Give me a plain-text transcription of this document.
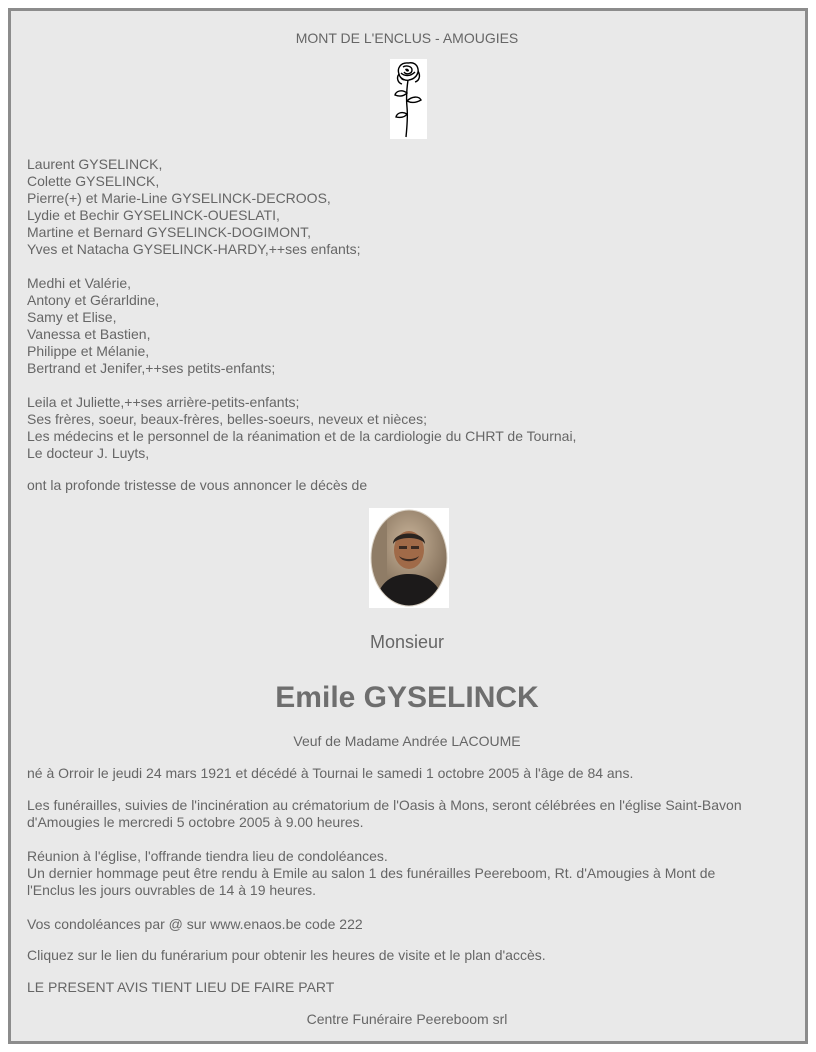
MONT DE L'ENCLUS - AMOUGIES
Laurent GYSELINCK,
Colette GYSELINCK,
Pierre(+) et Marie-Line GYSELINCK-DECROOS,
Lydie et Bechir GYSELINCK-OUESLATI,
Martine et Bernard GYSELINCK-DOGIMONT,
Yves et Natacha GYSELINCK-HARDY,++ses enfants;
Medhi et Valérie,
Antony et Gérarldine,
Samy et Elise,
Vanessa et Bastien,
Philippe et Mélanie,
Bertrand et Jenifer,++ses petits-enfants;
Leila et Juliette,++ses arrière-petits-enfants;
Ses frères, soeur, beaux-frères, belles-soeurs, neveux et nièces;
Les médecins et le personnel de la réanimation et de la cardiologie du CHRT de Tournai,
Le docteur J. Luyts,
ont la profonde tristesse de vous annoncer le décès de
Monsieur
Emile GYSELINCK
Veuf de Madame Andrée LACOUME
né à Orroir le jeudi 24 mars 1921 et décédé à Tournai le samedi 1 octobre 2005 à l'âge de 84 ans.
Les funérailles, suivies de l'incinération au crématorium de l'Oasis à Mons, seront célébrées en l'église Saint-Bavon
d'Amougies le mercredi 5 octobre 2005 à 9.00 heures.
Réunion à l'église, l'offrande tiendra lieu de condoléances.
Un dernier hommage peut être rendu à Emile au salon 1 des funérailles Peereboom, Rt. d'Amougies à Mont de
l'Enclus les jours ouvrables de 14 à 19 heures.
Vos condoléances par @ sur www.enaos.be code 222
Cliquez sur le lien du funérarium pour obtenir les heures de visite et le plan d'accès.
LE PRESENT AVIS TIENT LIEU DE FAIRE PART
Centre Funéraire Peereboom srl
